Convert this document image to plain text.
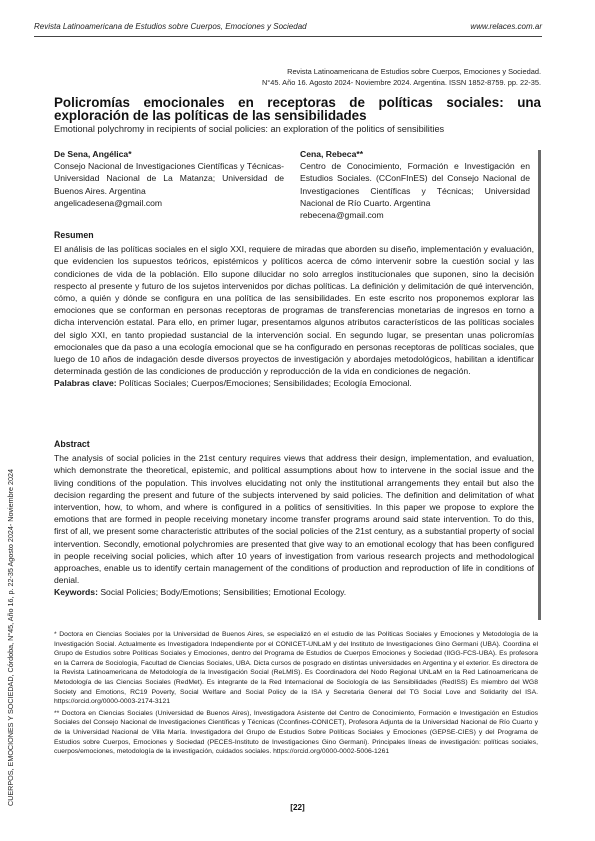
Revista Latinoamericana de Estudios sobre Cuerpos, Emociones y Sociedad	www.relaces.com.ar
CUERPOS, EMOCIONES Y SOCIEDAD, Córdoba, N°45, Año 16, p. 22-35 Agosto 2024- Noviembre 2024
Revista Latinoamericana de Estudios sobre Cuerpos, Emociones y Sociedad.
N°45. Año 16. Agosto 2024- Noviembre 2024. Argentina. ISSN 1852-8759. pp. 22-35.
Policromías emocionales en receptoras de políticas sociales: una exploración de las políticas de las sensibilidades
Emotional polychromy in recipients of social policies: an exploration of the politics of sensibilities
De Sena, Angélica*
Consejo Nacional de Investigaciones Científicas y Técnicas-Universidad Nacional de La Matanza; Universidad de Buenos Aires. Argentina
angelicadesena@gmail.com
Cena, Rebeca**
Centro de Conocimiento, Formación e Investigación en Estudios Sociales. (CConFInES) del Consejo Nacional de Investigaciones Científicas y Técnicas; Universidad Nacional de Río Cuarto. Argentina
rebecena@gmail.com
Resumen

El análisis de las políticas sociales en el siglo XXI, requiere de miradas que aborden su diseño, implementación y evaluación, que evidencien los supuestos teóricos, epistémicos y políticos acerca de cómo intervenir sobre la cuestión social y las condiciones de vida de la población. Ello supone dilucidar no solo arreglos institucionales que suponen, sino la decisión respecto al presente y futuro de los sujetos intervenidos por dichas políticas. La definición y delimitación de qué intervención, cómo, a quién y dónde se configura en una política de las sensibilidades. En este escrito nos proponemos explorar las emociones que se conforman en personas receptoras de programas de transferencias monetarias de ingresos en torno a dicha intervención estatal. Para ello, en primer lugar, presentamos algunos atributos característicos de las políticas sociales del siglo XXI, en tanto propiedad sustancial de la intervención social. En segundo lugar, se presentan unas policromías emocionales que da paso a una ecología emocional que se ha configurado en personas receptoras de políticas sociales, que luego de 10 años de indagación desde diversos proyectos de investigación y abordajes metodológicos, habilitan a identificar determinada gestión de las condiciones de producción y reproducción de la vida en condiciones de negación.

Palabras clave: Políticas Sociales; Cuerpos/Emociones; Sensibilidades; Ecología Emocional.

Abstract

The analysis of social policies in the 21st century requires views that address their design, implementation, and evaluation, which demonstrate the theoretical, epistemic, and political assumptions about how to intervene in the social issue and the living conditions of the population. This involves elucidating not only the institutional arrangements they entail but also the decision regarding the present and future of the subjects intervened by said policies. The definition and delimitation of what intervention, how, to whom, and where is configured in a politics of sensitivities. In this paper we propose to explore the emotions that are formed in people receiving monetary income transfer programs around said state intervention. To do this, first of all, we present some characteristic attributes of the social policies of the 21st century, as a substantial property of social intervention. Secondly, emotional polychromies are presented that give way to an emotional ecology that has been configured in people receiving social policies, which after 10 years of investigation from various research projects and methodological approaches, enable us to identify certain management of the conditions of production and reproduction of life in conditions of denial.

Keywords: Social Policies; Body/Emotions; Sensibilities; Emotional Ecology.

* Doctora en Ciencias Sociales por la Universidad de Buenos Aires, se especializó en el estudio de las Políticas Sociales y Emociones y Metodología de la Investigación Social. Actualmente es Investigadora Independiente por el CONICET-UNLaM y del Instituto de Investigaciones Gino Germani (UBA). Coordina el Grupo de Estudios sobre Políticas Sociales y Emociones, dentro del Programa de Estudios de Cuerpos Emociones y Sociedad (IIGG-FCS-UBA). Es profesora en la Carrera de Sociología, Facultad de Ciencias Sociales, UBA. Dicta cursos de posgrado en distintas universidades en Argentina y el exterior. Es directora de la Revista Latinoamericana de Metodología de la Investigación Social (ReLMIS). Es Coordinadora del Nodo Regional UNLaM en la Red Latinoamericana de Metodología de las Ciencias Sociales (RedMet). Es integrante de la Red Internacional de Sociología de las Sensibilidades (RedISS) Es miembro del WG8 Society and Emotions, RC19 Poverty, Social Welfare and Social Policy de la ISA y Secretaria General del TG Social Love and Solidarity del ISA. https://orcid.org/0000-0003-2174-3121

** Doctora en Ciencias Sociales (Universidad de Buenos Aires), Investigadora Asistente del Centro de Conocimiento, Formación e Investigación en Estudios Sociales del Consejo Nacional de Investigaciones Científicas y Técnicas (Cconfines-CONICET), Profesora Adjunta de la Universidad Nacional de Río Cuarto y de la Universidad Nacional de Villa María. Investigadora del Grupo de Estudios Sobre Políticas Sociales y Emociones (GEPSE-CIES) y del Programa de Estudios sobre Cuerpos, Emociones y Sociedad (PECES-Instituto de Investigaciones Gino Germani). Principales líneas de investigación: políticas sociales, cuerpos/emociones, metodología de la investigación, cuidados sociales. https://orcid.org/0000-0002-5006-1261

[22]
